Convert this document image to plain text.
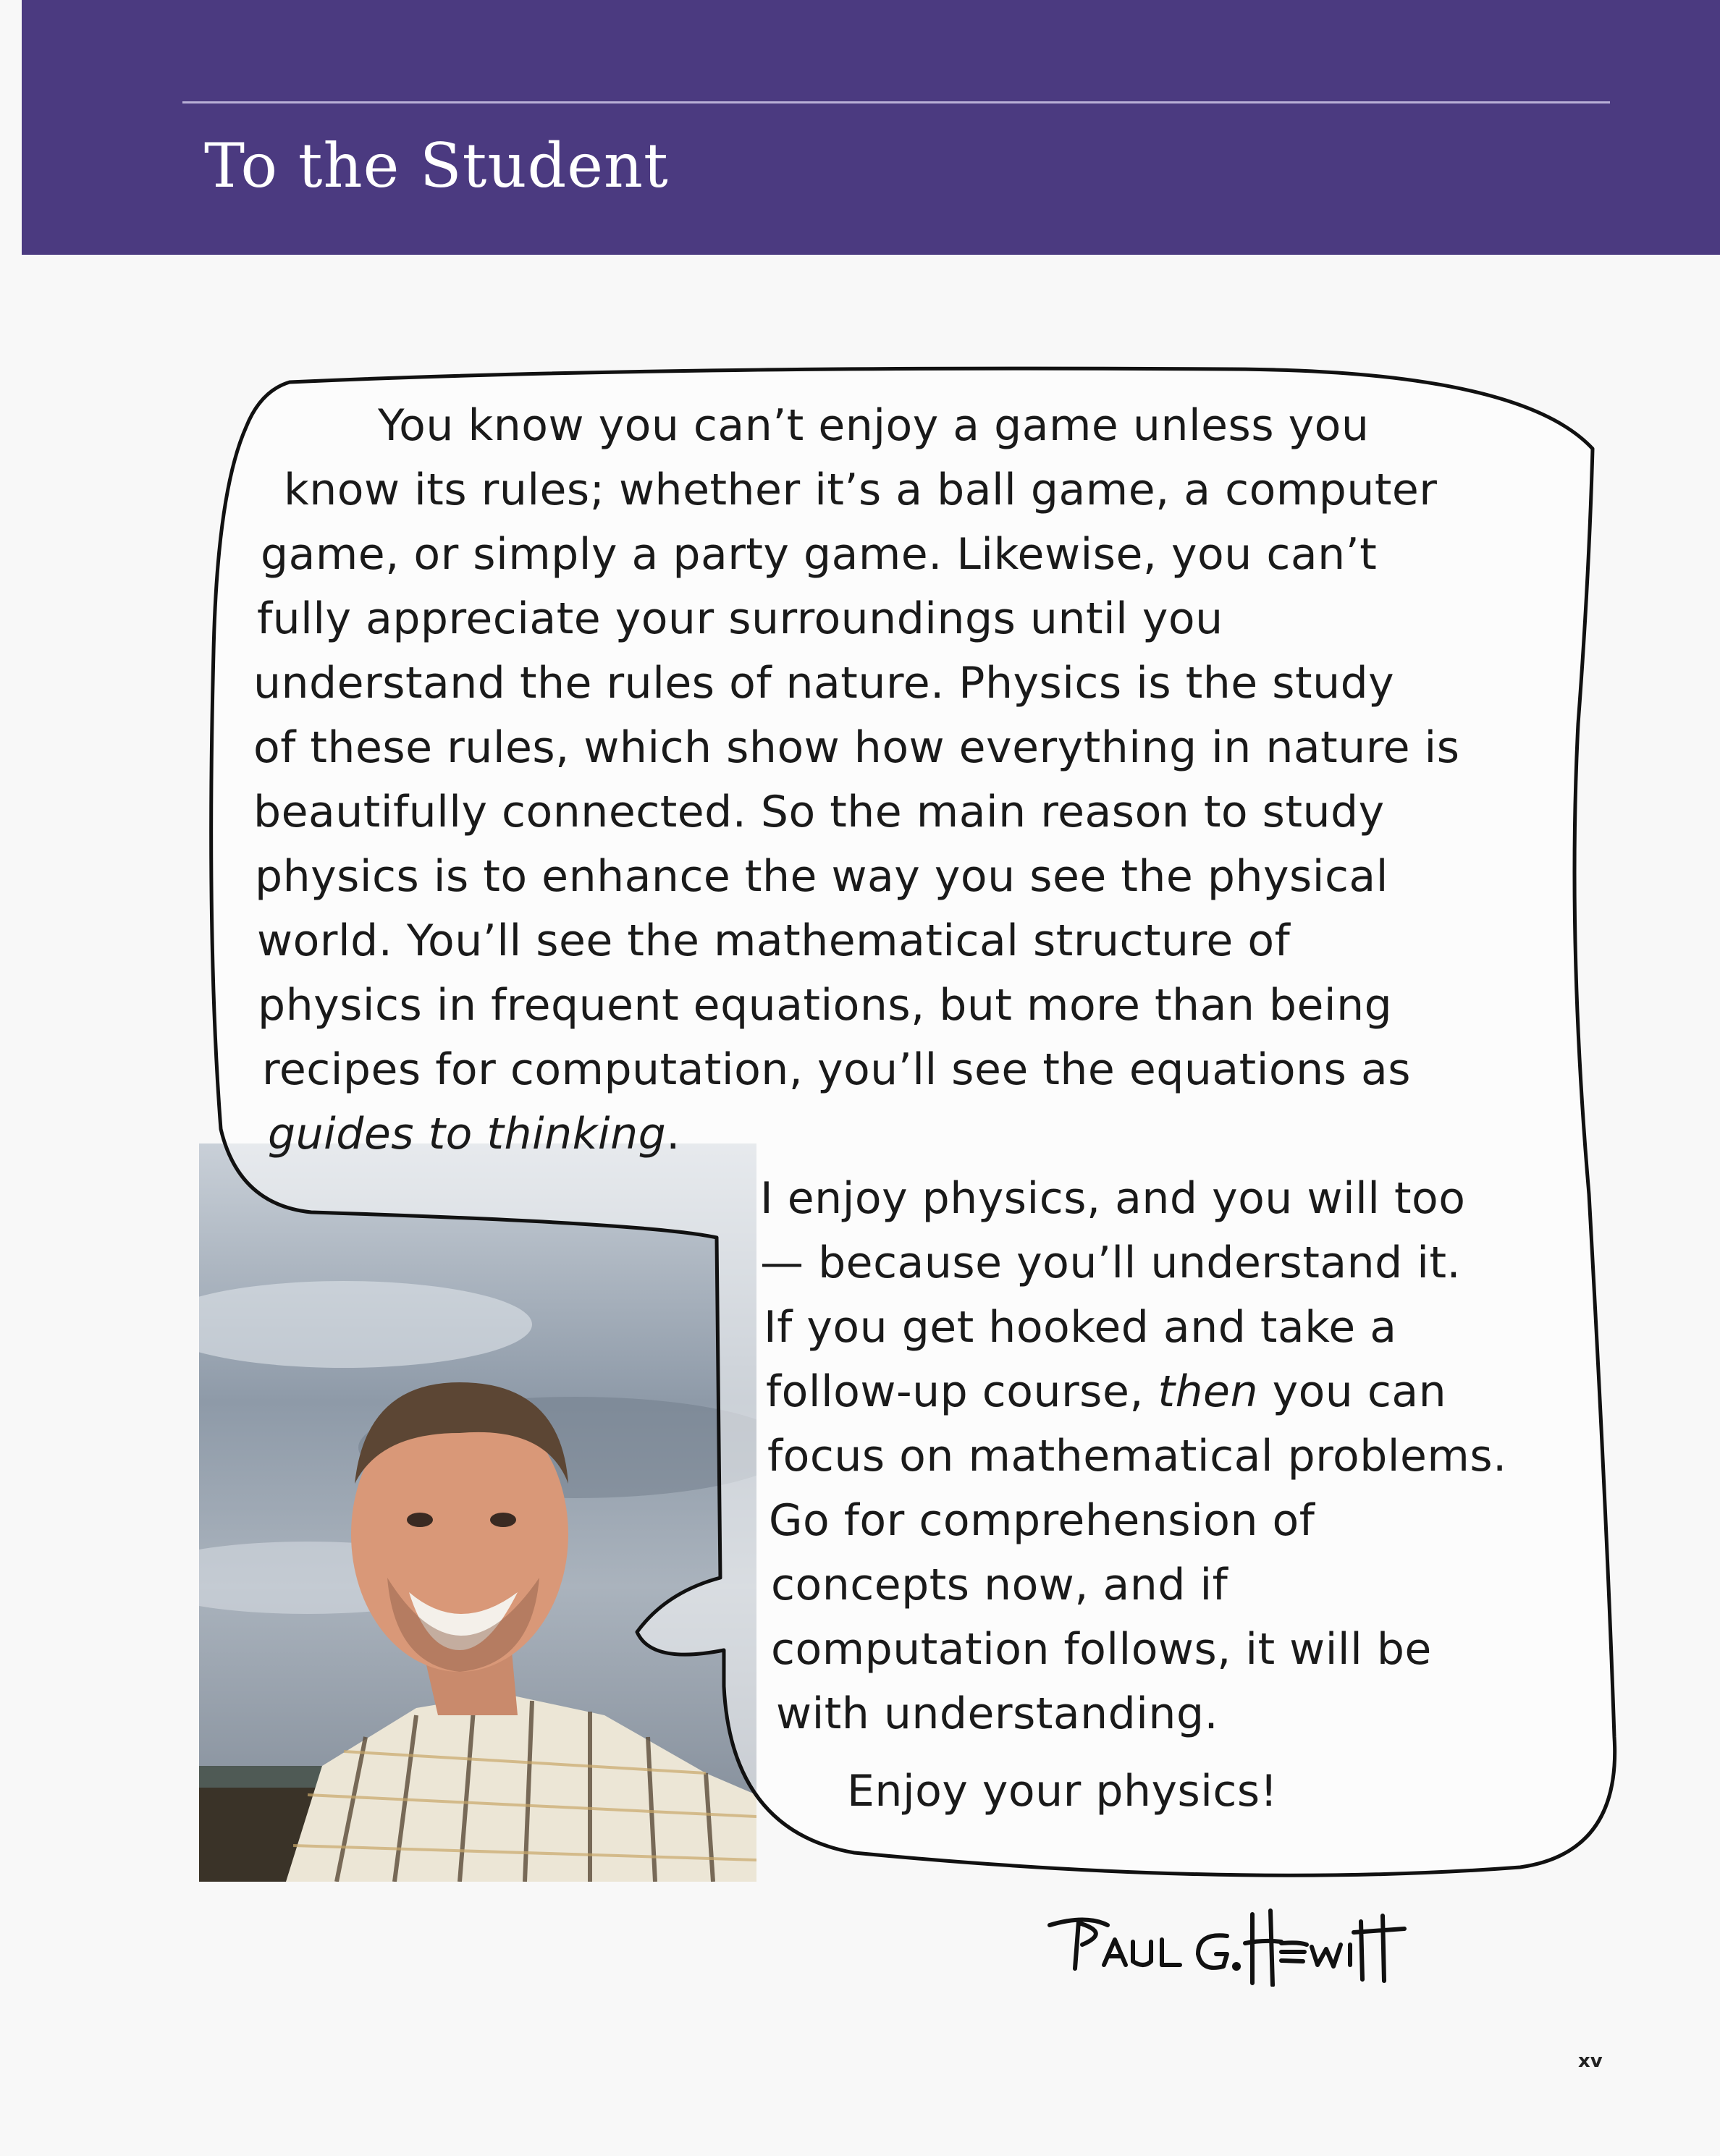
To the Student
You know you can’t enjoy a game unless you
know its rules; whether it’s a ball game, a computer
game, or simply a party game. Likewise, you can’t
fully appreciate your surroundings until you
understand the rules of nature. Physics is the study
of these rules, which show how everything in nature is
beautifully connected. So the main reason to study
physics is to enhance the way you see the physical
world. You’ll see the mathematical structure of
physics in frequent equations, but more than being
recipes for computation, you’ll see the equations as
guides to thinking.
I enjoy physics, and you will too
— because you’ll understand it.
If you get hooked and take a
follow-up course, then you can
focus on mathematical problems.
Go for comprehension of
concepts now, and if
computation follows, it will be
with understanding.
Enjoy your physics!
xv
